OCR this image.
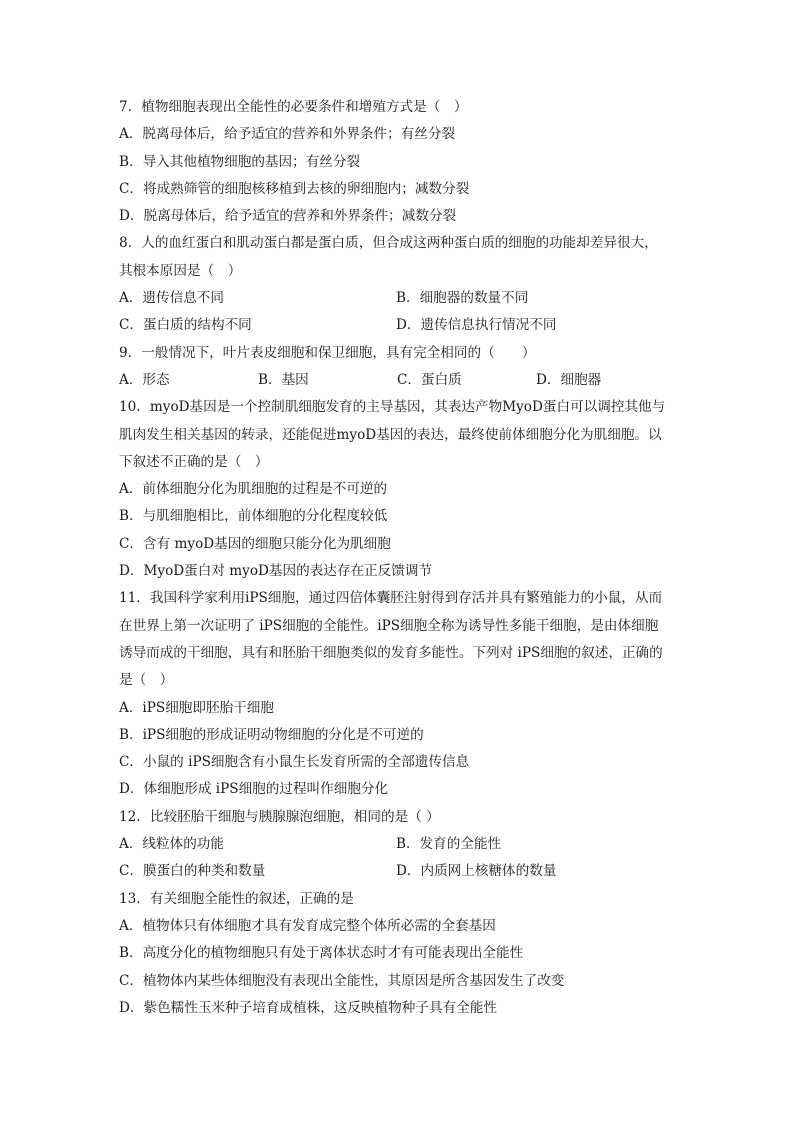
7．植物细胞表现出全能性的必要条件和增殖方式是（　）
A．脱离母体后，给予适宜的营养和外界条件；有丝分裂
B．导入其他植物细胞的基因；有丝分裂
C．将成熟筛管的细胞核移植到去核的卵细胞内；减数分裂
D．脱离母体后，给予适宜的营养和外界条件；减数分裂
8．人的血红蛋白和肌动蛋白都是蛋白质，但合成这两种蛋白质的细胞的功能却差异很大，
其根本原因是（　）
A．遗传信息不同	B．细胞器的数量不同
C．蛋白质的结构不同	D．遗传信息执行情况不同
9．一般情况下，叶片表皮细胞和保卫细胞，具有完全相同的（　　）
A．形态	B．基因	C．蛋白质	D．细胞器
10．myoD基因是一个控制肌细胞发育的主导基因，其表达产物MyoD蛋白可以调控其他与
肌肉发生相关基因的转录，还能促进myoD基因的表达，最终使前体细胞分化为肌细胞。以
下叙述不正确的是（　）
A．前体细胞分化为肌细胞的过程是不可逆的
B．与肌细胞相比，前体细胞的分化程度较低
C．含有 myoD基因的细胞只能分化为肌细胞
D．MyoD蛋白对 myoD基因的表达存在正反馈调节
11．我国科学家利用iPS细胞，通过四倍体囊胚注射得到存活并具有繁殖能力的小鼠，从而
在世界上第一次证明了 iPS细胞的全能性。iPS细胞全称为诱导性多能干细胞，是由体细胞
诱导而成的干细胞，具有和胚胎干细胞类似的发育多能性。下列对 iPS细胞的叙述，正确的
是（　）
A．iPS细胞即胚胎干细胞
B．iPS细胞的形成证明动物细胞的分化是不可逆的
C．小鼠的 iPS细胞含有小鼠生长发育所需的全部遗传信息
D．体细胞形成 iPS细胞的过程叫作细胞分化
12．比较胚胎干细胞与胰腺腺泡细胞，相同的是（ ）
A．线粒体的功能	B．发育的全能性
C．膜蛋白的种类和数量	D．内质网上核糖体的数量
13．有关细胞全能性的叙述，正确的是
A．植物体只有体细胞才具有发育成完整个体所必需的全套基因
B．高度分化的植物细胞只有处于离体状态时才有可能表现出全能性
C．植物体内某些体细胞没有表现出全能性，其原因是所含基因发生了改变
D．紫色糯性玉米种子培育成植株，这反映植物种子具有全能性
